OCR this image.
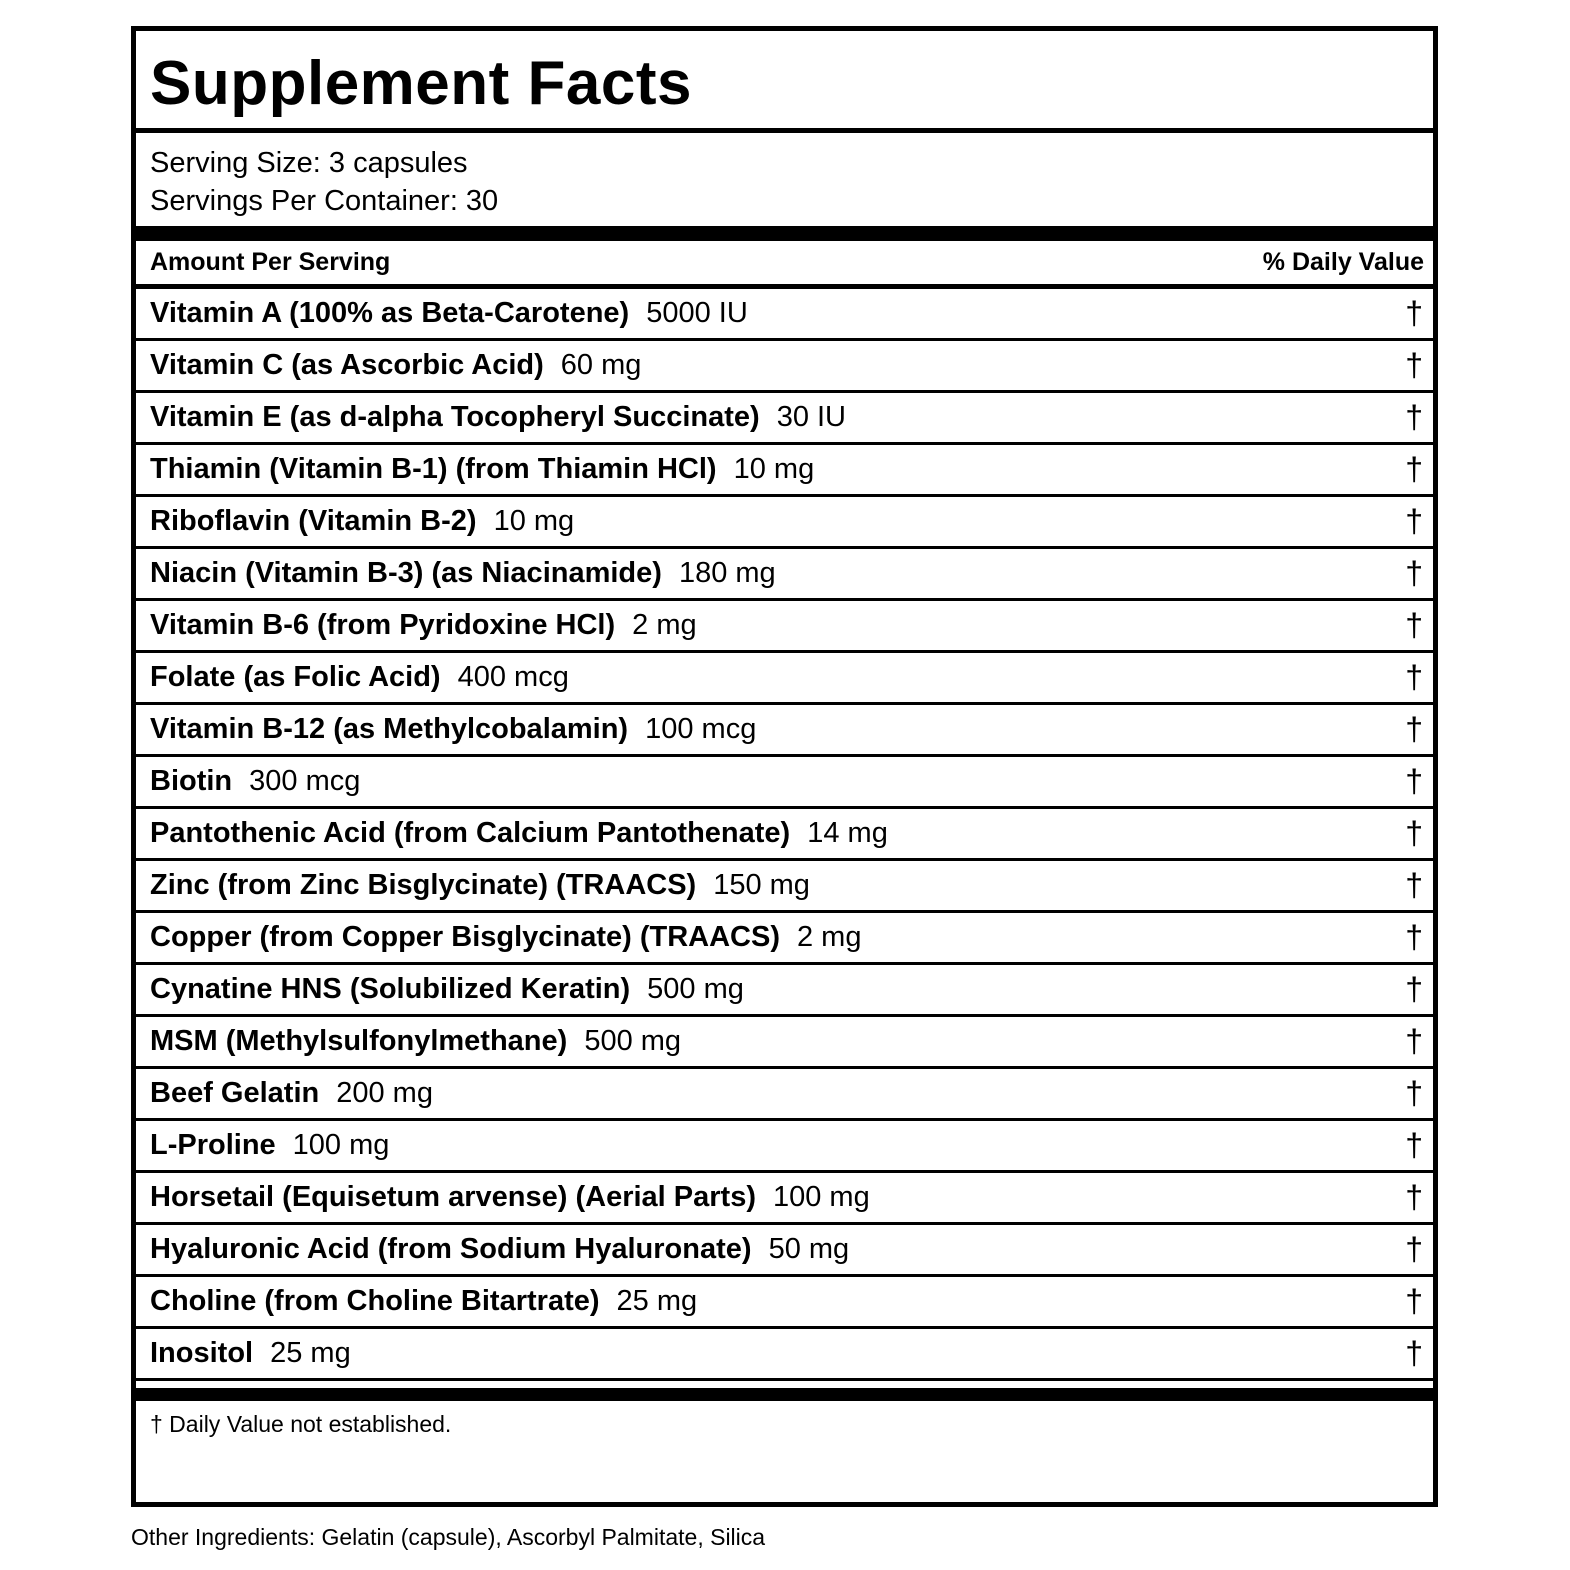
Supplement Facts
Serving Size: 3 capsules
Servings Per Container: 30
Amount Per Serving	% Daily Value
Vitamin A (100% as Beta-Carotene) 5000 IU	†
Vitamin C (as Ascorbic Acid) 60 mg	†
Vitamin E (as d-alpha Tocopheryl Succinate) 30 IU	†
Thiamin (Vitamin B-1) (from Thiamin HCl) 10 mg	†
Riboflavin (Vitamin B-2) 10 mg	†
Niacin (Vitamin B-3) (as Niacinamide) 180 mg	†
Vitamin B-6 (from Pyridoxine HCl) 2 mg	†
Folate (as Folic Acid) 400 mcg	†
Vitamin B-12 (as Methylcobalamin) 100 mcg	†
Biotin 300 mcg	†
Pantothenic Acid (from Calcium Pantothenate) 14 mg	†
Zinc (from Zinc Bisglycinate) (TRAACS) 150 mg	†
Copper (from Copper Bisglycinate) (TRAACS) 2 mg	†
Cynatine HNS (Solubilized Keratin) 500 mg	†
MSM (Methylsulfonylmethane) 500 mg	†
Beef Gelatin 200 mg	†
L-Proline 100 mg	†
Horsetail (Equisetum arvense) (Aerial Parts) 100 mg	†
Hyaluronic Acid (from Sodium Hyaluronate) 50 mg	†
Choline (from Choline Bitartrate) 25 mg	†
Inositol 25 mg	†
† Daily Value not established.
Other Ingredients: Gelatin (capsule), Ascorbyl Palmitate, Silica
